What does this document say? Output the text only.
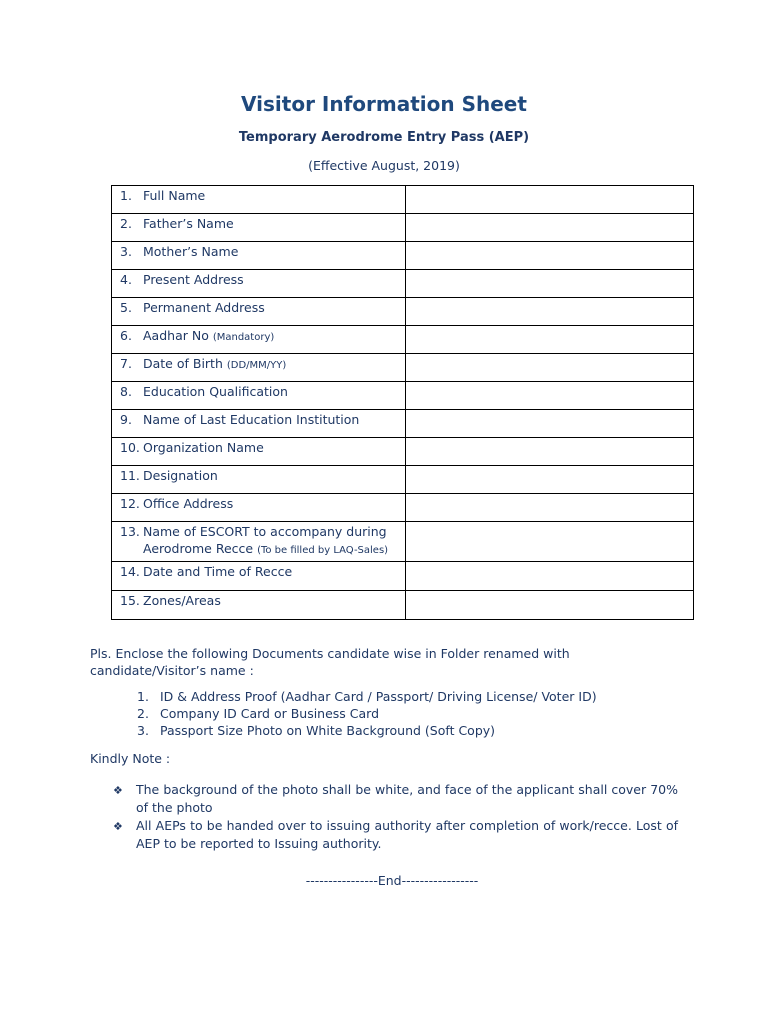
Visitor Information Sheet

Temporary Aerodrome Entry Pass (AEP)

(Effective August, 2019)

1. Full Name	

2. Father’s Name	

3. Mother’s Name	

4. Present Address	

5. Permanent Address	

6. Aadhar No (Mandatory)	

7. Date of Birth (DD/MM/YY)	

8. Education Qualification	

9. Name of Last Education Institution	

10. Organization Name	

11. Designation	

12. Office Address	

13. Name of ESCORT to accompany during Aerodrome Recce (To be filled by LAQ-Sales)	

14. Date and Time of Recce	

15. Zones/Areas	

Pls. Enclose the following Documents candidate wise in Folder renamed with candidate/Visitor’s name :

1. ID & Address Proof (Aadhar Card / Passport/ Driving License/ Voter ID)
2. Company ID Card or Business Card
3. Passport Size Photo on White Background (Soft Copy)

Kindly Note :

❖	The background of the photo shall be white, and face of the applicant shall cover 70% of the photo
❖	All AEPs to be handed over to issuing authority after completion of work/recce. Lost of AEP to be reported to Issuing authority.

----------------End-----------------
